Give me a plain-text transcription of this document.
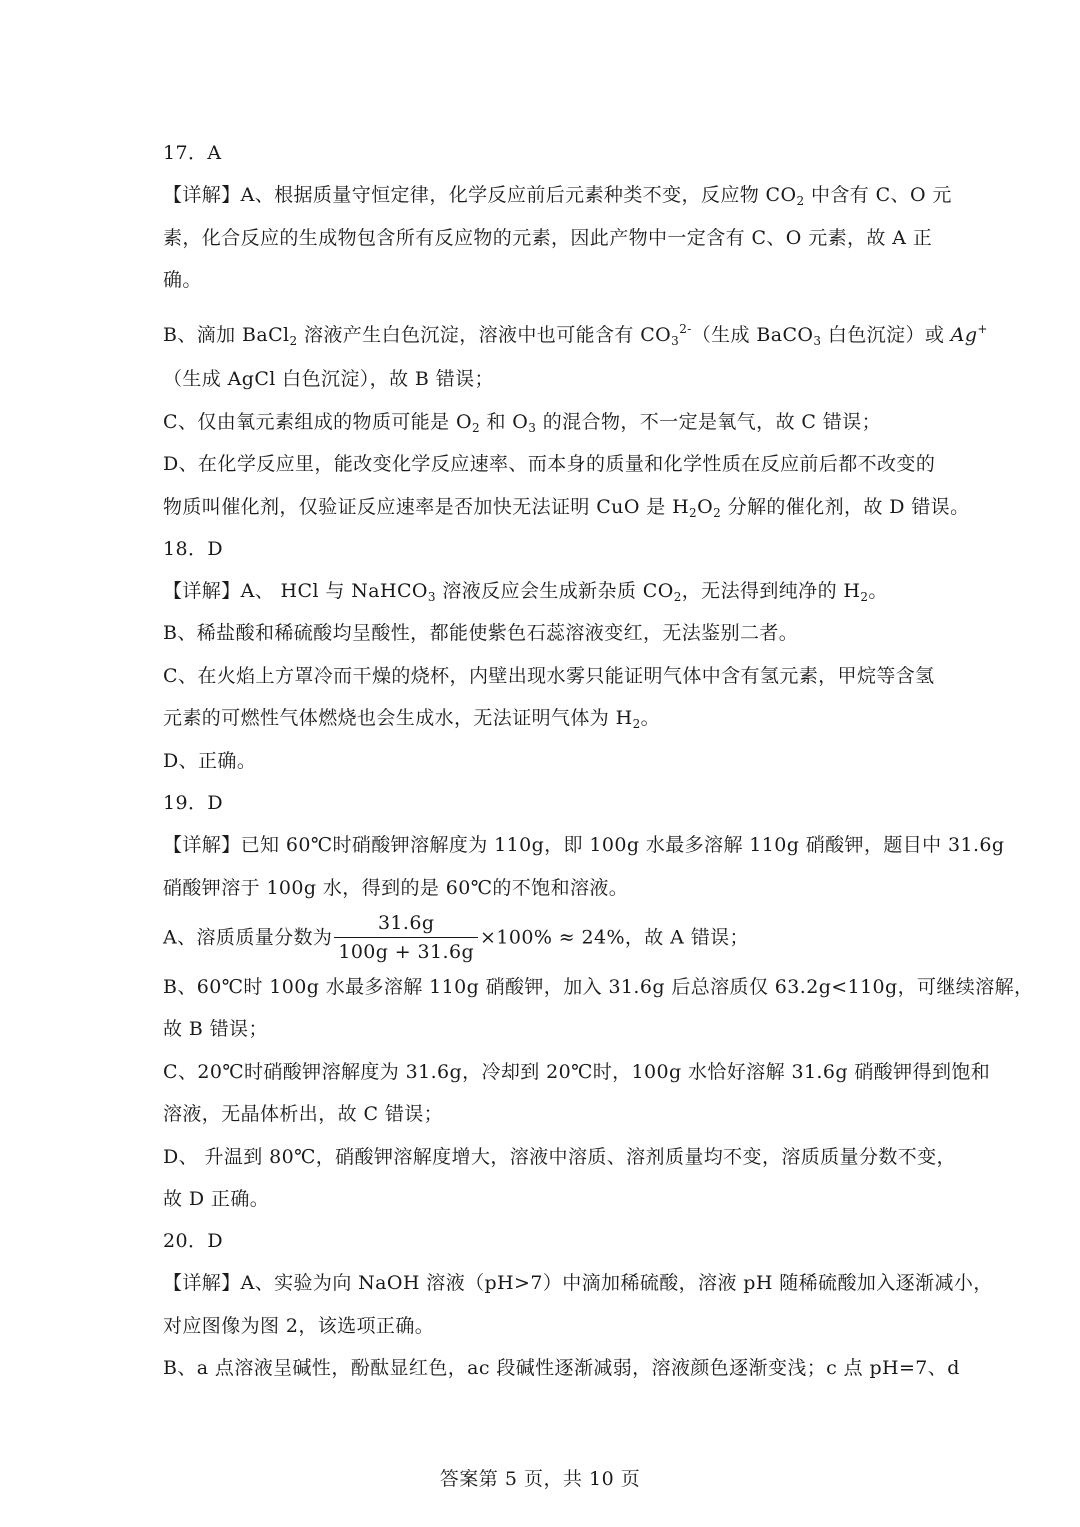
17．A
【详解】A、根据质量守恒定律，化学反应前后元素种类不变，反应物 $CO_2$ 中含有 C、O 元
素，化合反应的生成物包含所有反应物的元素，因此产物中一定含有 C、O 元素，故 A 正
确。
B、滴加 BaCl$_2$ 溶液产生白色沉淀，溶液中也可能含有 $CO_3^{2-}$（生成 BaCO$_3$ 白色沉淀）或 Ag+
（生成 AgCl 白色沉淀），故 B 错误；
C、仅由氧元素组成的物质可能是 $O_2$ 和 $O_3$ 的混合物，不一定是氧气，故 C 错误；
D、在化学反应里，能改变化学反应速率、而本身的质量和化学性质在反应前后都不改变的
物质叫催化剂，仅验证反应速率是否加快无法证明 CuO 是 $H_2O_2$ 分解的催化剂，故 D 错误。
18．D
【详解】A、 HCl 与 NaHCO$_3$ 溶液反应会生成新杂质 $CO_2$，无法得到纯净的 $H_2$。
B、稀盐酸和稀硫酸均呈酸性，都能使紫色石蕊溶液变红，无法鉴别二者。
C、在火焰上方罩冷而干燥的烧杯，内壁出现水雾只能证明气体中含有氢元素，甲烷等含氢
元素的可燃性气体燃烧也会生成水，无法证明气体为 $H_2$。
D、正确。
19．D
【详解】已知 60℃时硝酸钾溶解度为 110g，即 100g 水最多溶解 110g 硝酸钾，题目中 31.6g
硝酸钾溶于 100g 水，得到的是 60℃的不饱和溶液。
A、溶质质量分数为 $\frac{31.6g}{100g + 31.6g} \times 100\% \approx 24\%$，故 A 错误；
B、60℃时 100g 水最多溶解 110g 硝酸钾，加入 31.6g 后总溶质仅 63.2g<110g，可继续溶解，
故 B 错误；
C、20℃时硝酸钾溶解度为 31.6g，冷却到 20℃时，100g 水恰好溶解 31.6g 硝酸钾得到饱和
溶液，无晶体析出，故 C 错误；
D、 升温到 80℃，硝酸钾溶解度增大，溶液中溶质、溶剂质量均不变，溶质质量分数不变，
故 D 正确。
20．D
【详解】A、实验为向 NaOH 溶液（pH>7）中滴加稀硫酸，溶液 pH 随稀硫酸加入逐渐减小，
对应图像为图 2，该选项正确。
B、a 点溶液呈碱性，酚酞显红色，ac 段碱性逐渐减弱，溶液颜色逐渐变浅；c 点 pH=7、d
答案第 5 页，共 10 页
